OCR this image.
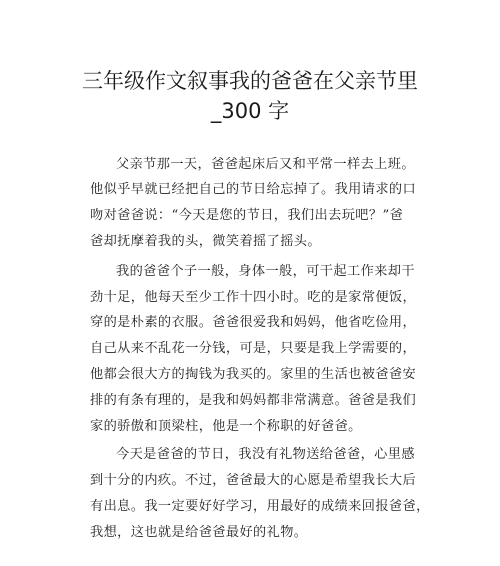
三年级作文叙事我的爸爸在父亲节里
_300 字
父亲节那一天，爸爸起床后又和平常一样去上班。
他似乎早就已经把自己的节日给忘掉了。我用请求的口
吻对爸爸说：“今天是您的节日，我们出去玩吧？”爸
爸却抚摩着我的头，微笑着摇了摇头。
我的爸爸个子一般，身体一般，可干起工作来却干
劲十足，他每天至少工作十四小时。吃的是家常便饭，
穿的是朴素的衣服。爸爸很爱我和妈妈，他省吃俭用，
自己从来不乱花一分钱，可是，只要是我上学需要的，
他都会很大方的掏钱为我买的。家里的生活也被爸爸安
排的有条有理的，是我和妈妈都非常满意。爸爸是我们
家的骄傲和顶梁柱，他是一个称职的好爸爸。
今天是爸爸的节日，我没有礼物送给爸爸，心里感
到十分的内疚。不过，爸爸最大的心愿是希望我长大后
有出息。我一定要好好学习，用最好的成绩来回报爸爸，
我想，这也就是给爸爸最好的礼物。
